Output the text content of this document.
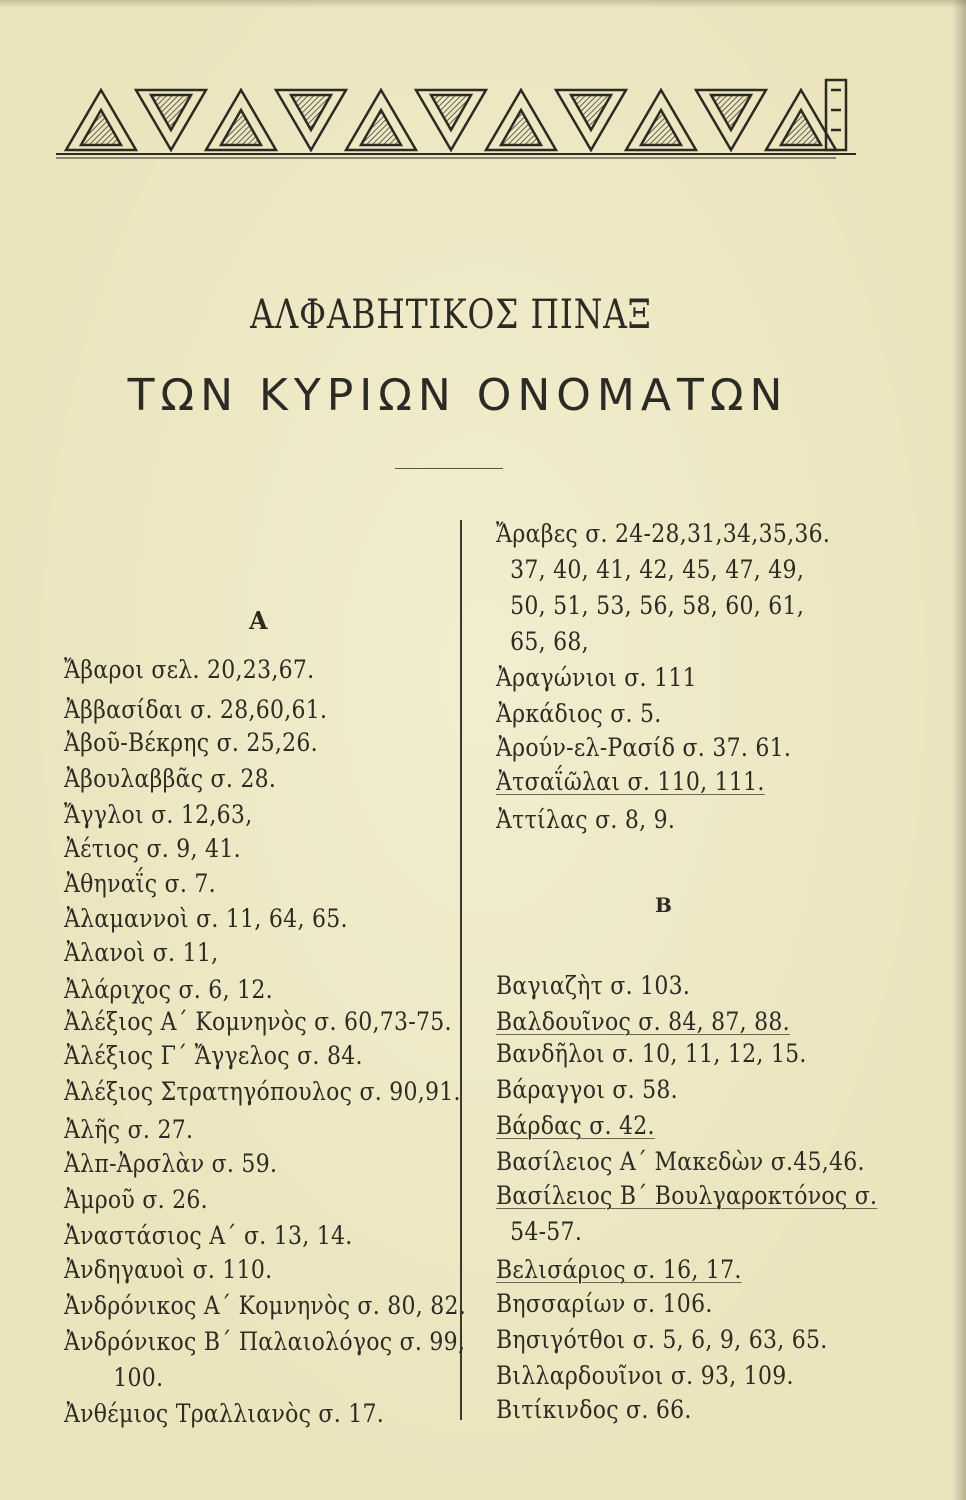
ΑΛΦΑΒΗΤΙΚΟΣ ΠΙΝΑΞ
ΤΩΝ ΚΥΡΙΩΝ ΟΝΟΜΑΤΩΝ
Α
Β
Ἄβαροι σελ. 20,23,67.
Ἀββασίδαι σ. 28,60,61.
Ἀβοῦ-Βέκρης σ. 25,26.
Ἀβουλαββᾶς σ. 28.
Ἄγγλοι σ. 12,63,
Ἀέτιος σ. 9, 41.
Ἀθηναΐς σ. 7.
Ἀλαμαννοὶ σ. 11, 64, 65.
Ἀλανοὶ σ. 11,
Ἀλάριχος σ. 6, 12.
Ἀλέξιος Α΄ Κομνηνὸς σ. 60,73-75.
Ἀλέξιος Γ΄ Ἄγγελος σ. 84.
Ἀλέξιος Στρατηγόπουλος σ. 90,91.
Ἀλῆς σ. 27.
Ἀλπ-Ἀρσλὰν σ. 59.
Ἀμροῦ σ. 26.
Ἀναστάσιος Α΄ σ. 13, 14.
Ἀνδηγαυοὶ σ. 110.
Ἀνδρόνικος Α΄ Κομνηνὸς σ. 80, 82.
Ἀνδρόνικος Β΄ Παλαιολόγος σ. 99,
100.
Ἀνθέμιος Τραλλιανὸς σ. 17.
Ἄραβες σ. 24-28,31,34,35,36.
37, 40, 41, 42, 45, 47, 49,
50, 51, 53, 56, 58, 60, 61,
65, 68,
Ἀραγώνιοι σ. 111
Ἀρκάδιος σ. 5.
Ἀρούν-ελ-Ρασίδ σ. 37. 61.
Ἀτσαΐῶλαι σ. 110, 111.
Ἀττίλας σ. 8, 9.
Βαγιαζὴτ σ. 103.
Βαλδουῖνος σ. 84, 87, 88.
Βανδῆλοι σ. 10, 11, 12, 15.
Βάραγγοι σ. 58.
Βάρδας σ. 42.
Βασίλειος Α΄ Μακεδὼν σ.45,46.
Βασίλειος Β΄ Βουλγαροκτόνος σ.
54-57.
Βελισάριος σ. 16, 17.
Βησσαρίων σ. 106.
Βησιγότθοι σ. 5, 6, 9, 63, 65.
Βιλλαρδουῖνοι σ. 93, 109.
Βιτίκινδος σ. 66.
